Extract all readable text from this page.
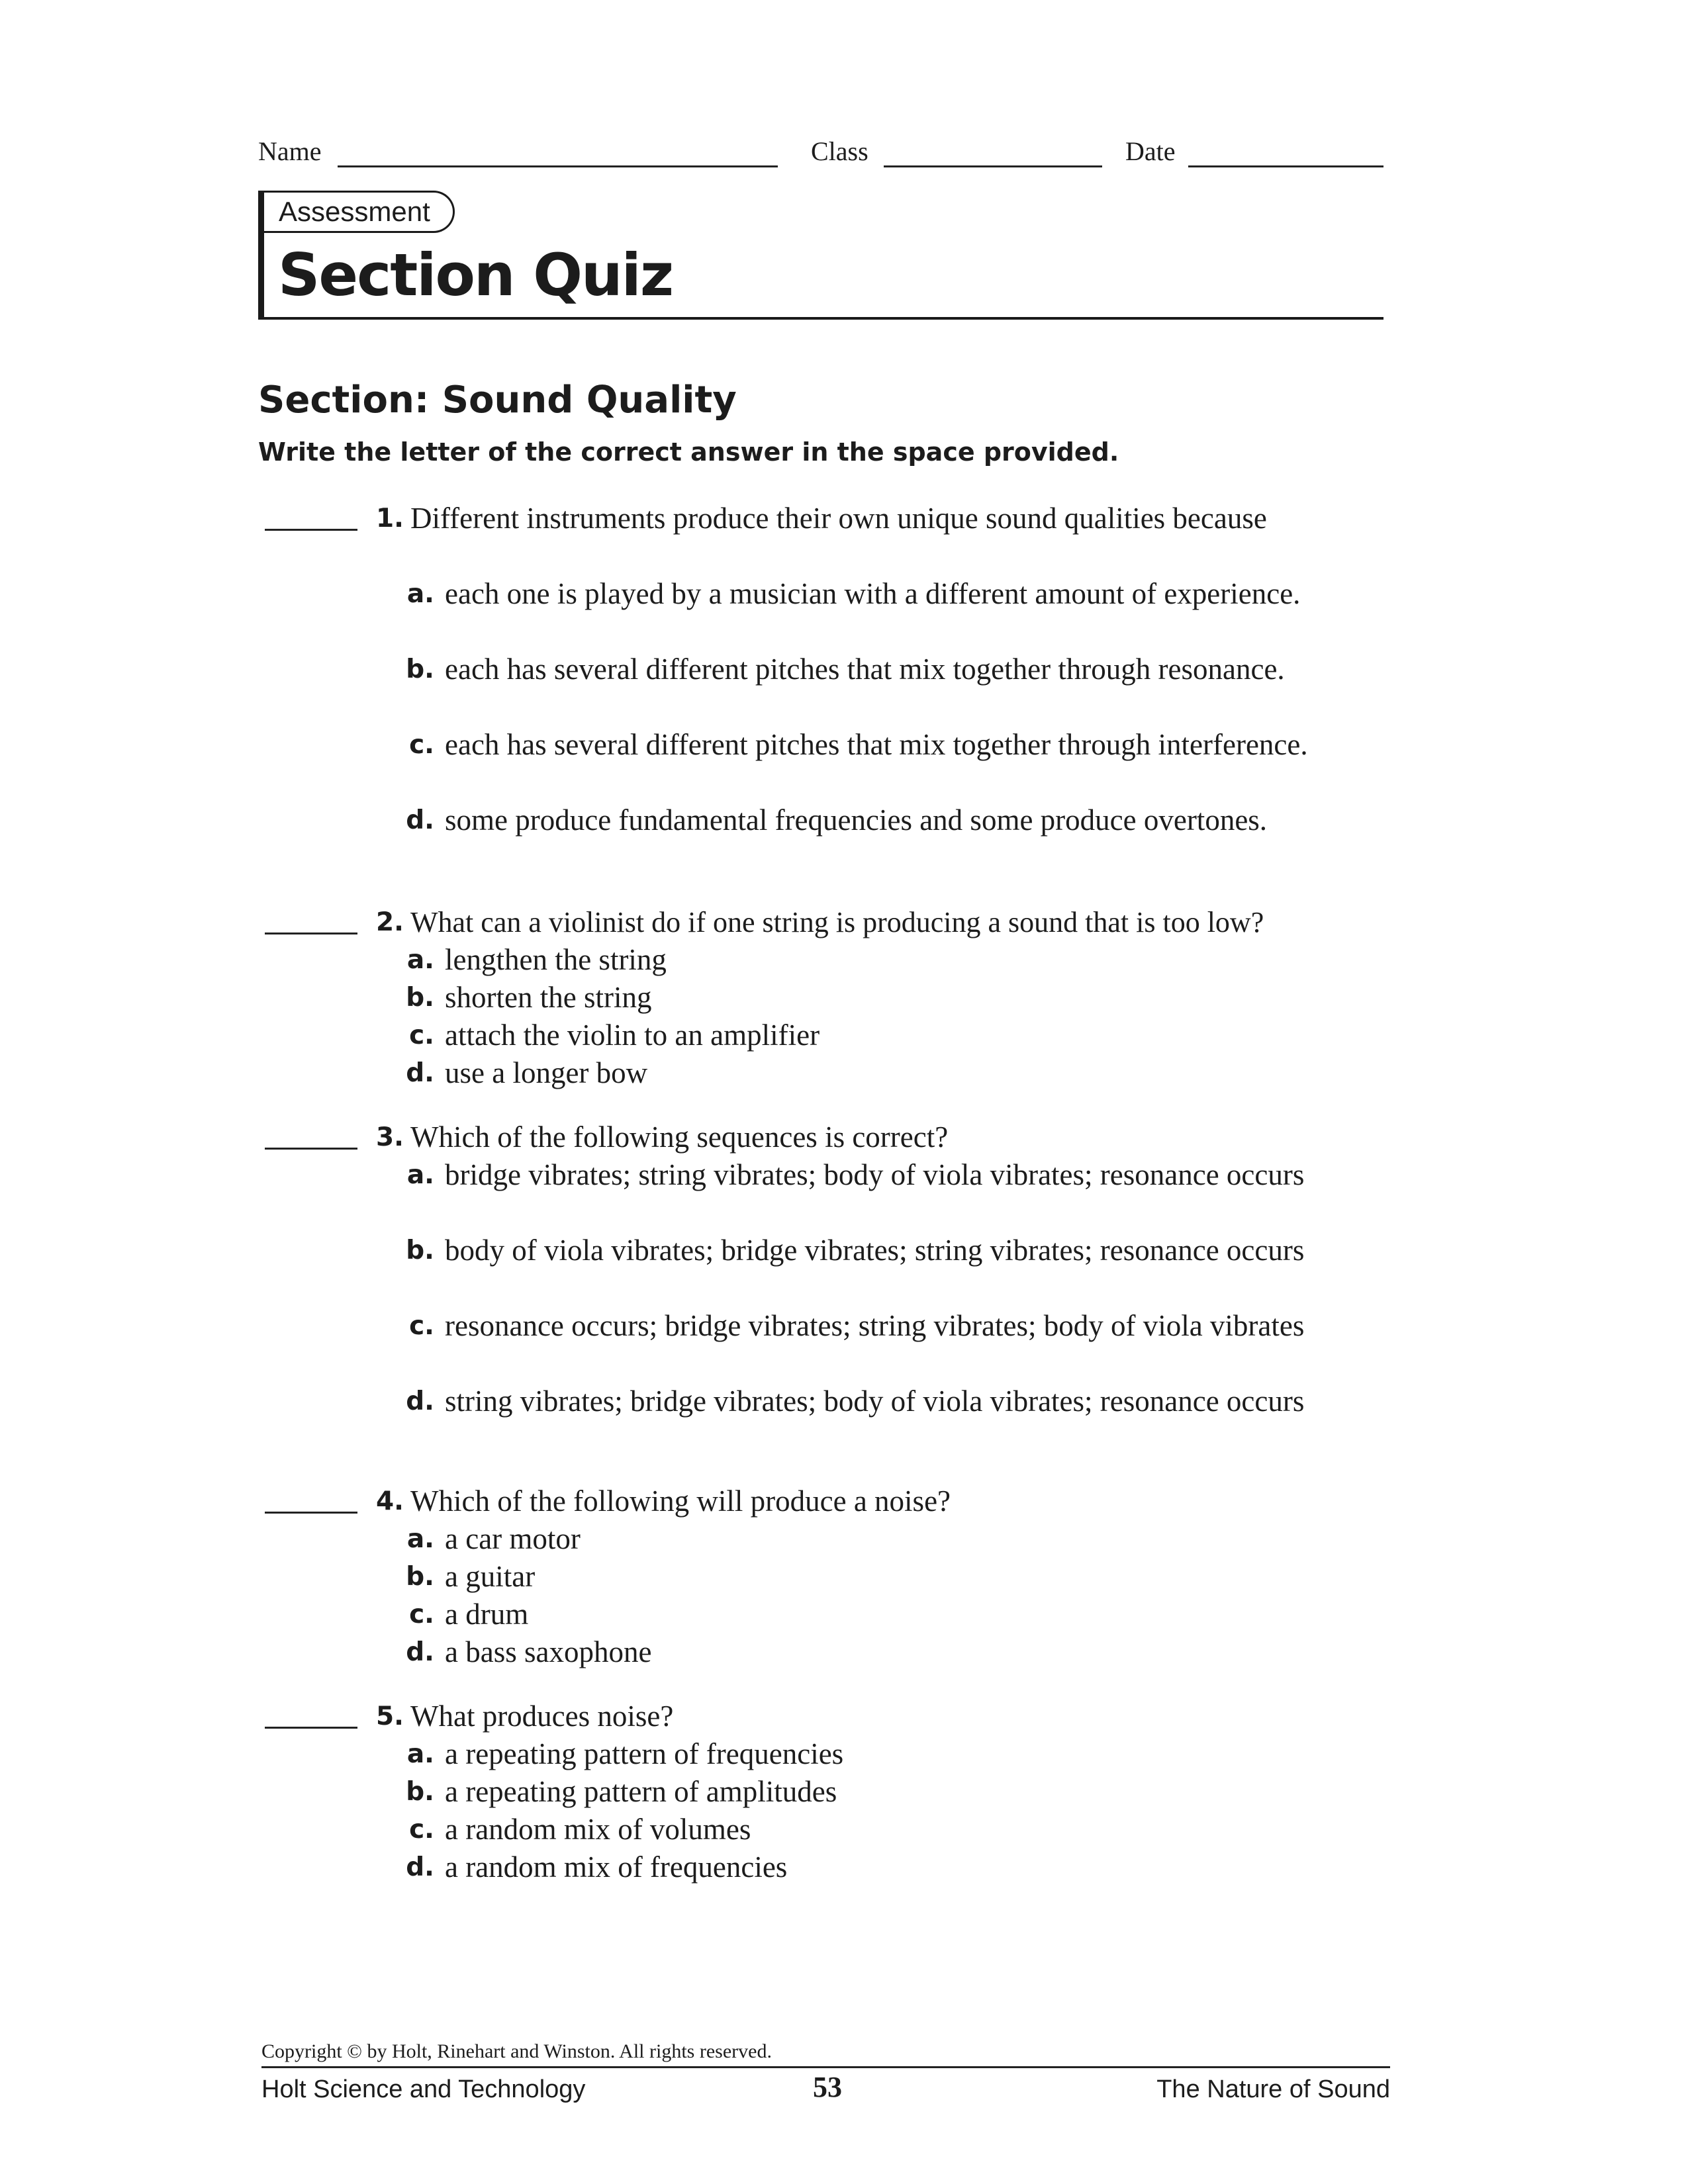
Name	Class	Date
Assessment
Section Quiz
Section: Sound Quality
Write the letter of the correct answer in the space provided.
1. Different instruments produce their own unique sound qualities because
a. each one is played by a musician with a different amount of experience.
b. each has several different pitches that mix together through resonance.
c. each has several different pitches that mix together through interference.
d. some produce fundamental frequencies and some produce overtones.
2. What can a violinist do if one string is producing a sound that is too low?
a. lengthen the string
b. shorten the string
c. attach the violin to an amplifier
d. use a longer bow
3. Which of the following sequences is correct?
a. bridge vibrates; string vibrates; body of viola vibrates; resonance occurs
b. body of viola vibrates; bridge vibrates; string vibrates; resonance occurs
c. resonance occurs; bridge vibrates; string vibrates; body of viola vibrates
d. string vibrates; bridge vibrates; body of viola vibrates; resonance occurs
4. Which of the following will produce a noise?
a. a car motor
b. a guitar
c. a drum
d. a bass saxophone
5. What produces noise?
a. a repeating pattern of frequencies
b. a repeating pattern of amplitudes
c. a random mix of volumes
d. a random mix of frequencies
Copyright © by Holt, Rinehart and Winston. All rights reserved.
Holt Science and Technology	53	The Nature of Sound
